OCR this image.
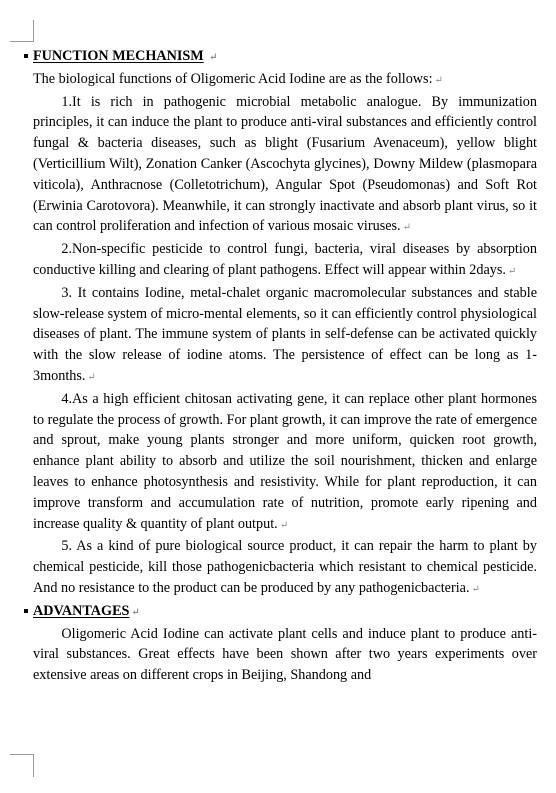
FUNCTION MECHANISM ↵

The biological functions of Oligomeric Acid Iodine are as the follows: ↵

1.It is rich in pathogenic microbial metabolic analogue. By immunization principles, it can induce the plant to produce anti-viral substances and efficiently control fungal & bacteria diseases, such as blight (Fusarium Avenaceum), yellow blight (Verticillium Wilt), Zonation Canker (Ascochyta glycines), Downy Mildew (plasmopara viticola), Anthracnose (Colletotrichum), Angular Spot (Pseudomonas) and Soft Rot (Erwinia Carotovora). Meanwhile, it can strongly inactivate and absorb plant virus, so it can control proliferation and infection of various mosaic viruses. ↵

2.Non-specific pesticide to control fungi, bacteria, viral diseases by absorption conductive killing and clearing of plant pathogens. Effect will appear within 2days. ↵

3. It contains Iodine, metal-chalet organic macromolecular substances and stable slow-release system of micro-mental elements, so it can efficiently control physiological diseases of plant. The immune system of plants in self-defense can be activated quickly with the slow release of iodine atoms. The persistence of effect can be long as 1-3months. ↵

4.As a high efficient chitosan activating gene, it can replace other plant hormones to regulate the process of growth. For plant growth, it can improve the rate of emergence and sprout, make young plants stronger and more uniform, quicken root growth, enhance plant ability to absorb and utilize the soil nourishment, thicken and enlarge leaves to enhance photosynthesis and resistivity. While for plant reproduction, it can improve transform and accumulation rate of nutrition, promote early ripening and increase quality & quantity of plant output. ↵

5. As a kind of pure biological source product, it can repair the harm to plant by chemical pesticide, kill those pathogenicbacteria which resistant to chemical pesticide. And no resistance to the product can be produced by any pathogenicbacteria. ↵

ADVANTAGES ↵

Oligomeric Acid Iodine can activate plant cells and induce plant to produce anti-viral substances. Great effects have been shown after two years experiments over extensive areas on different crops in Beijing, Shandong and
